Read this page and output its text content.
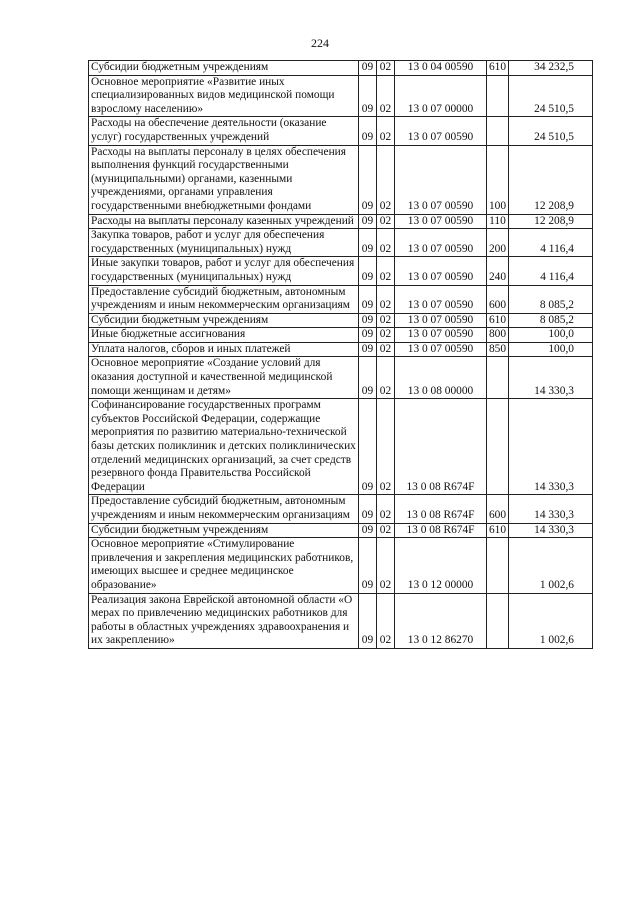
224
Субсидии бюджетным учреждениям	09	02	13 0 04 00590	610	34 232,5
Основное мероприятие «Развитие иных специализированных видов медицинской помощи взрослому населению»	09	02	13 0 07 00000		24 510,5
Расходы на обеспечение деятельности (оказание услуг) государственных учреждений	09	02	13 0 07 00590		24 510,5
Расходы на выплаты персоналу в целях обеспечения выполнения функций государственными (муниципальными) органами, казенными учреждениями, органами управления государственными внебюджетными фондами	09	02	13 0 07 00590	100	12 208,9
Расходы на выплаты персоналу казенных учреждений	09	02	13 0 07 00590	110	12 208,9
Закупка товаров, работ и услуг для обеспечения государственных (муниципальных) нужд	09	02	13 0 07 00590	200	4 116,4
Иные закупки товаров, работ и услуг для обеспечения государственных (муниципальных) нужд	09	02	13 0 07 00590	240	4 116,4
Предоставление субсидий бюджетным, автономным учреждениям и иным некоммерческим организациям	09	02	13 0 07 00590	600	8 085,2
Субсидии бюджетным учреждениям	09	02	13 0 07 00590	610	8 085,2
Иные бюджетные ассигнования	09	02	13 0 07 00590	800	100,0
Уплата налогов, сборов и иных платежей	09	02	13 0 07 00590	850	100,0
Основное мероприятие «Создание условий для оказания доступной и качественной медицинской помощи женщинам и детям»	09	02	13 0 08 00000		14 330,3
Софинансирование государственных программ субъектов Российской Федерации, содержащие мероприятия по развитию материально-технической базы детских поликлиник и детских поликлинических отделений медицинских организаций, за счет средств резервного фонда Правительства Российской Федерации	09	02	13 0 08 R674F		14 330,3
Предоставление субсидий бюджетным, автономным учреждениям и иным некоммерческим организациям	09	02	13 0 08 R674F	600	14 330,3
Субсидии бюджетным учреждениям	09	02	13 0 08 R674F	610	14 330,3
Основное мероприятие «Стимулирование привлечения и закрепления медицинских работников, имеющих высшее и среднее медицинское образование»	09	02	13 0 12 00000		1 002,6
Реализация закона Еврейской автономной области «О мерах по привлечению медицинских работников для работы в областных учреждениях здравоохранения и их закреплению»	09	02	13 0 12 86270		1 002,6
